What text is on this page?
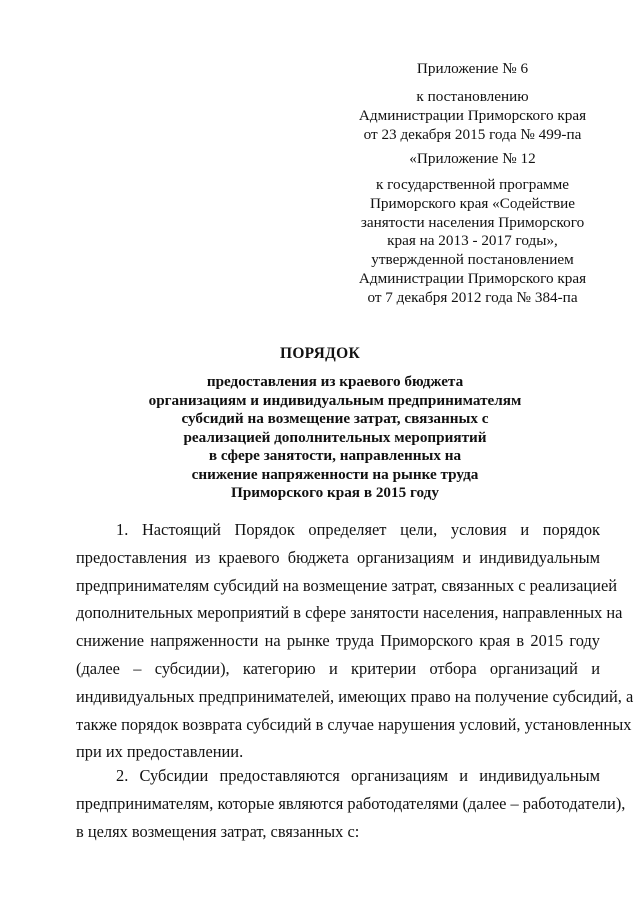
Приложение № 6
к постановлению
Администрации Приморского края
от 23 декабря 2015 года № 499-па
«Приложение № 12
к государственной программе
Приморского края «Содействие
занятости населения Приморского
края на 2013 - 2017 годы»,
утвержденной постановлением
Администрации Приморского края
от 7 декабря 2012 года № 384-па
ПОРЯДОК
предоставления из краевого бюджета
организациям и индивидуальным предпринимателям
субсидий на возмещение затрат, связанных с
реализацией дополнительных мероприятий
в сфере занятости, направленных на
снижение напряженности на рынке труда
Приморского края в 2015 году
1. Настоящий Порядок определяет цели, условия и порядок
предоставления из краевого бюджета организациям и индивидуальным
предпринимателям субсидий на возмещение затрат, связанных с реализацией
дополнительных мероприятий в сфере занятости населения, направленных на
снижение напряженности на рынке труда Приморского края в 2015 году
(далее – субсидии), категорию и критерии отбора организаций и
индивидуальных предпринимателей, имеющих право на получение субсидий, а
также порядок возврата субсидий в случае нарушения условий, установленных
при их предоставлении.
2. Субсидии предоставляются организациям и индивидуальным
предпринимателям, которые являются работодателями (далее – работодатели),
в целях возмещения затрат, связанных с:
